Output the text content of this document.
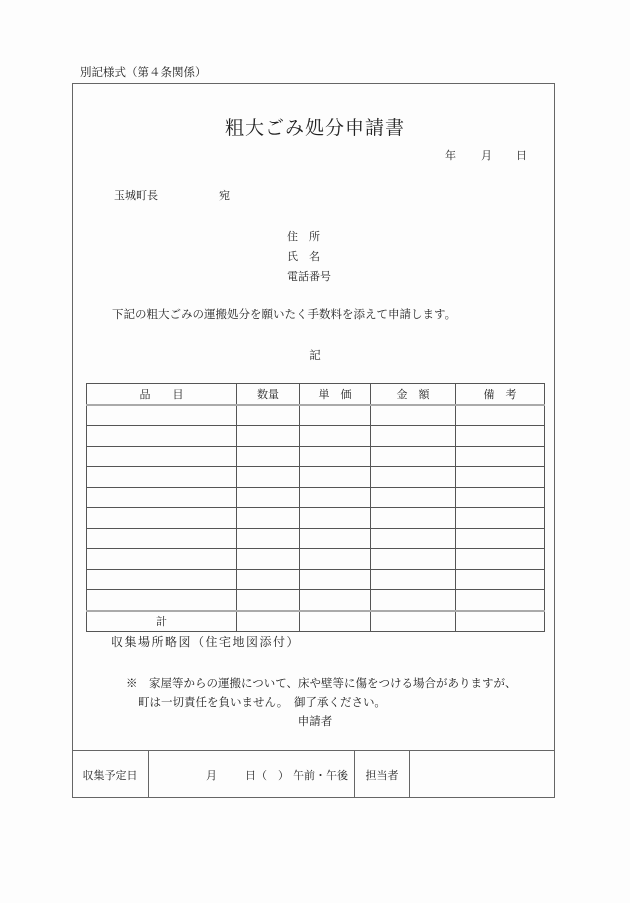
別記様式（第４条関係）
粗大ごみ処分申請書
年 月 日
玉城町長	宛
住　所
氏　名
電話番号
下記の粗大ごみの運搬処分を願いたく手数料を添えて申請します。
記
品　　目	数量	単　価	金　額	備　考

計				
収集場所略図（住宅地図添付）
※　家屋等からの運搬について、床や壁等に傷をつける場合がありますが、
町は一切責任を負いません。　御了承ください。
申請者
収集予定日	月	日（　） 午前・午後	担当者
